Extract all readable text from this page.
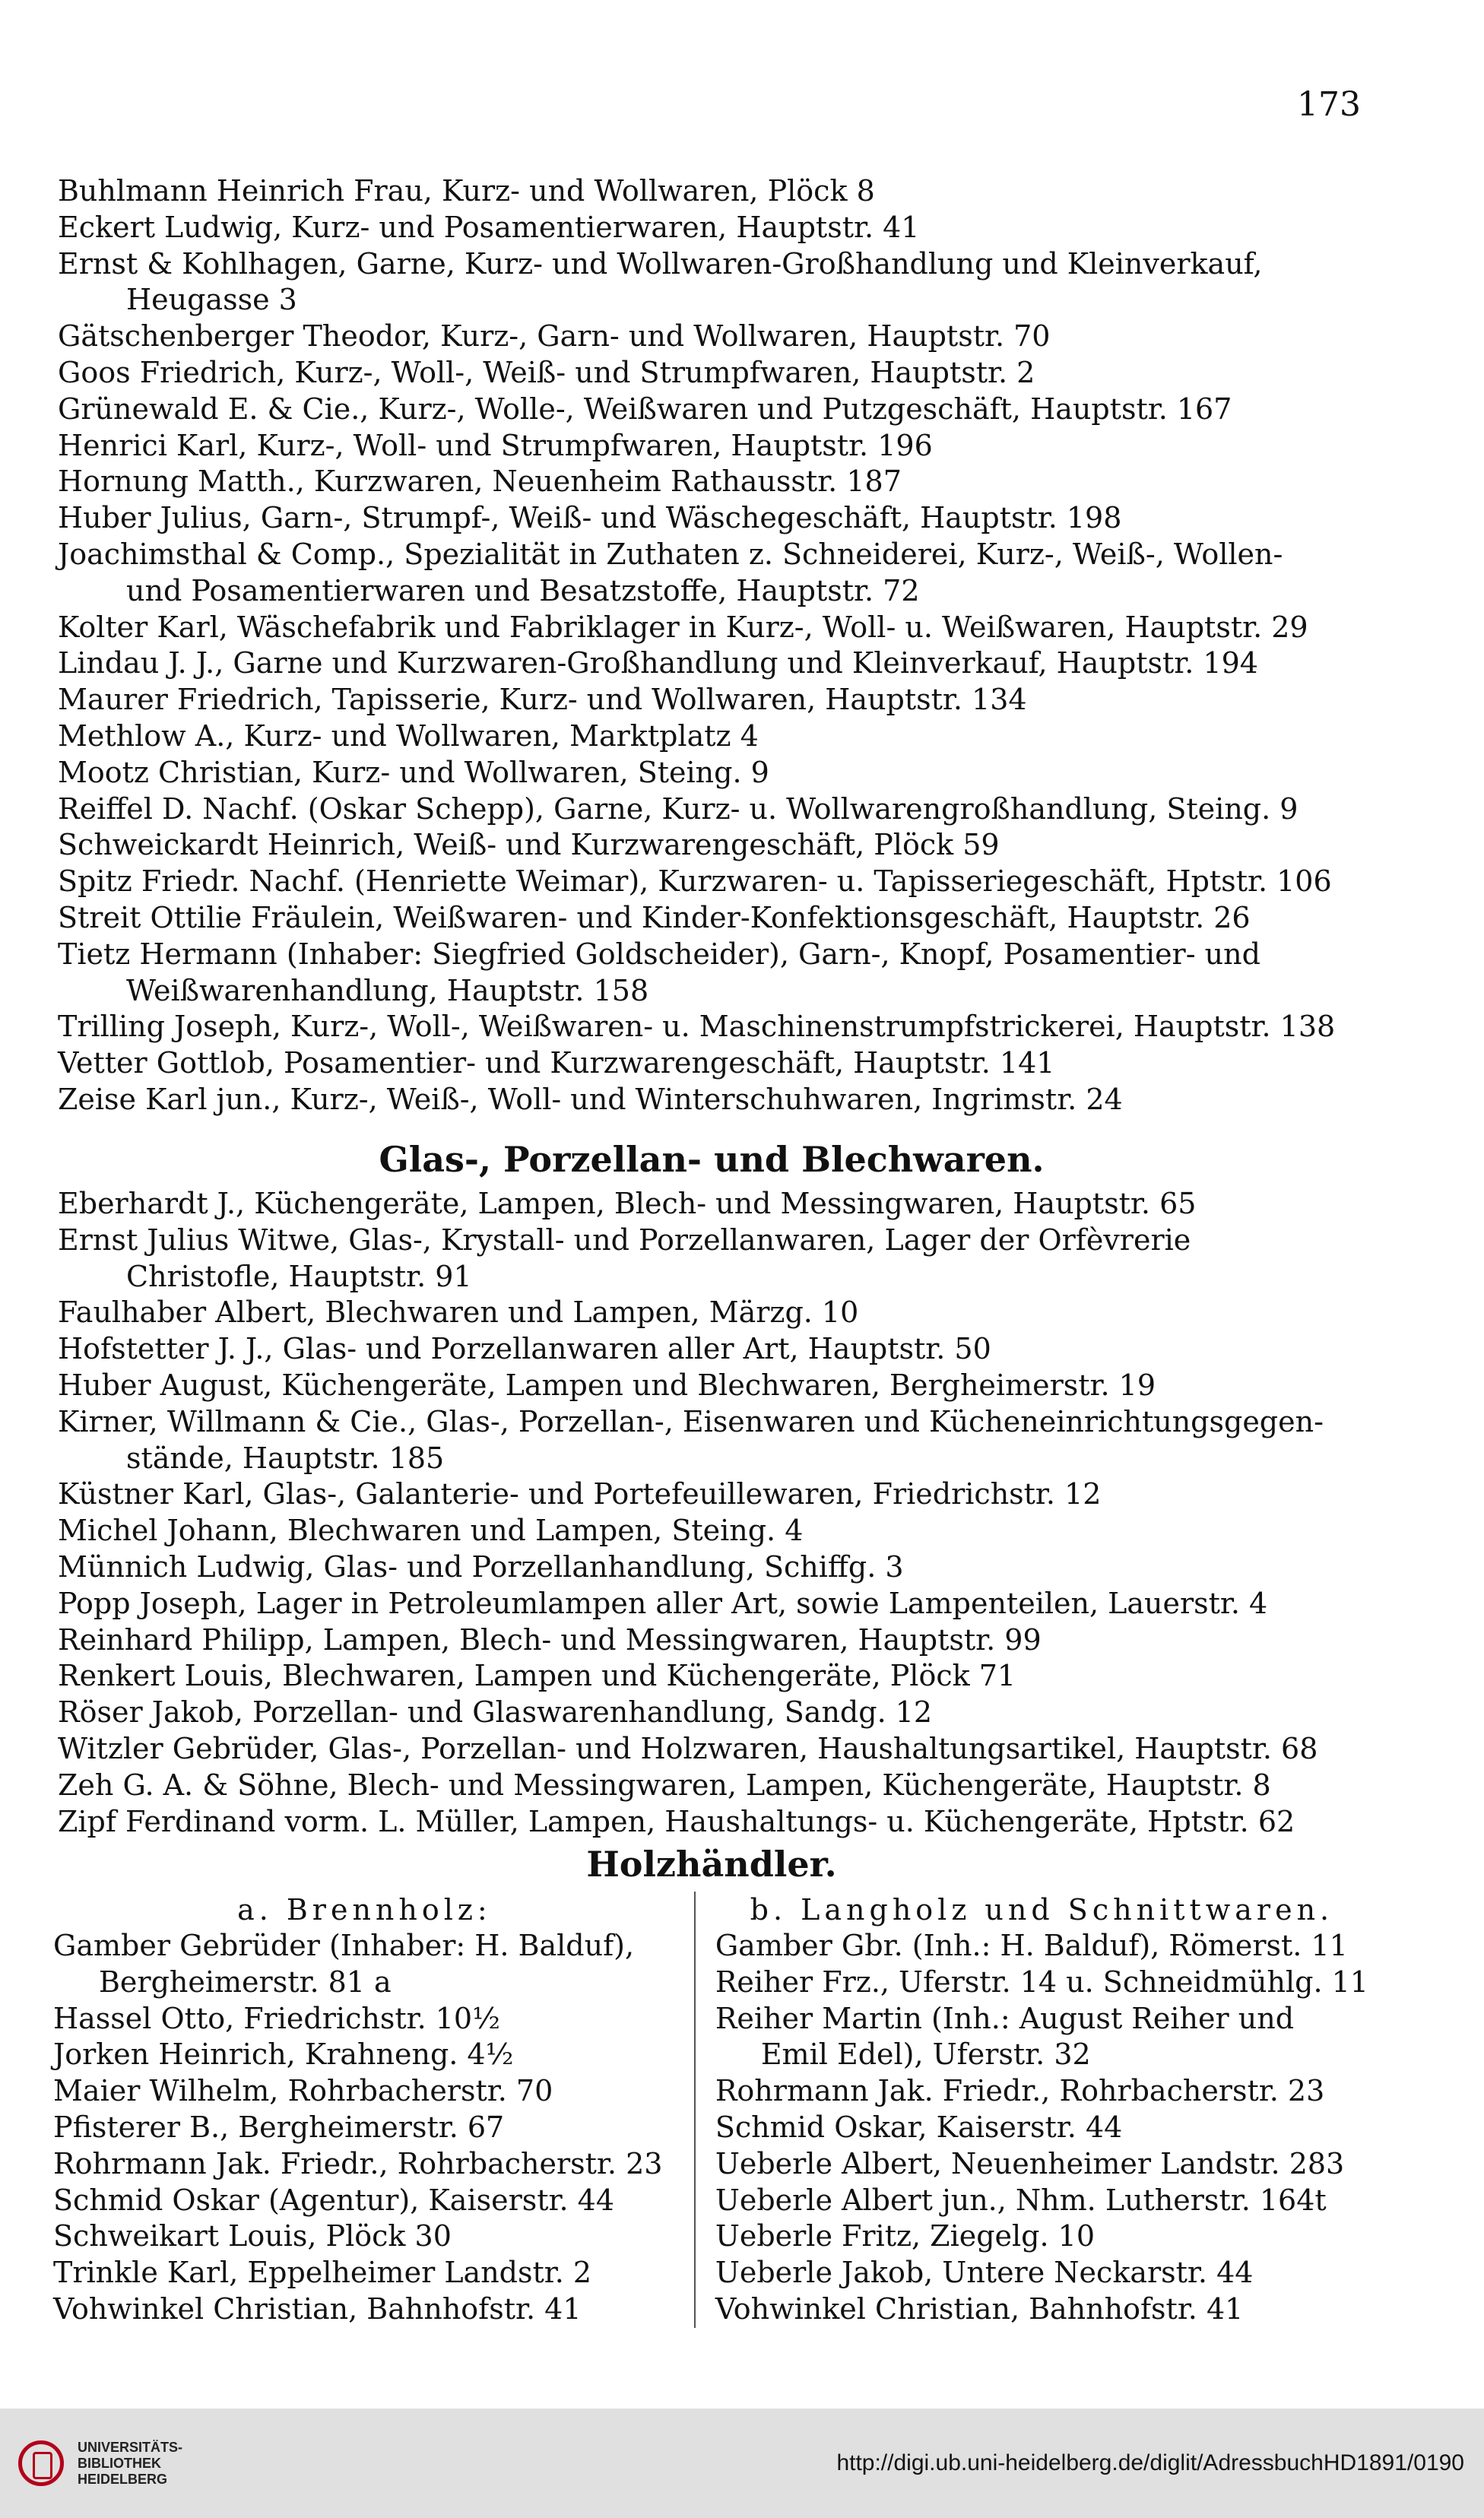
173

Buhlmann Heinrich Frau, Kurz- und Wollwaren, Plöck 8

Eckert Ludwig, Kurz- und Posamentierwaren, Hauptstr. 41

Ernst & Kohlhagen, Garne, Kurz- und Wollwaren-Großhandlung und Kleinverkauf,
Heugasse 3

Gätschenberger Theodor, Kurz-, Garn- und Wollwaren, Hauptstr. 70

Goos Friedrich, Kurz-, Woll-, Weiß- und Strumpfwaren, Hauptstr. 2

Grünewald E. & Cie., Kurz-, Wolle-, Weißwaren und Putzgeschäft, Hauptstr. 167

Henrici Karl, Kurz-, Woll- und Strumpfwaren, Hauptstr. 196

Hornung Matth., Kurzwaren, Neuenheim Rathausstr. 187

Huber Julius, Garn-, Strumpf-, Weiß- und Wäschegeschäft, Hauptstr. 198

Joachimsthal & Comp., Spezialität in Zuthaten z. Schneiderei, Kurz-, Weiß-, Wollen-
und Posamentierwaren und Besatzstoffe, Hauptstr. 72

Kolter Karl, Wäschefabrik und Fabriklager in Kurz-, Woll- u. Weißwaren, Hauptstr. 29

Lindau J. J., Garne und Kurzwaren-Großhandlung und Kleinverkauf, Hauptstr. 194

Maurer Friedrich, Tapisserie, Kurz- und Wollwaren, Hauptstr. 134

Methlow A., Kurz- und Wollwaren, Marktplatz 4

Mootz Christian, Kurz- und Wollwaren, Steing. 9

Reiffel D. Nachf. (Oskar Schepp), Garne, Kurz- u. Wollwarengroßhandlung, Steing. 9

Schweickardt Heinrich, Weiß- und Kurzwarengeschäft, Plöck 59

Spitz Friedr. Nachf. (Henriette Weimar), Kurzwaren- u. Tapisseriegeschäft, Hptstr. 106

Streit Ottilie Fräulein, Weißwaren- und Kinder-Konfektionsgeschäft, Hauptstr. 26

Tietz Hermann (Inhaber: Siegfried Goldscheider), Garn-, Knopf, Posamentier- und
Weißwarenhandlung, Hauptstr. 158

Trilling Joseph, Kurz-, Woll-, Weißwaren- u. Maschinenstrumpfstrickerei, Hauptstr. 138

Vetter Gottlob, Posamentier- und Kurzwarengeschäft, Hauptstr. 141

Zeise Karl jun., Kurz-, Weiß-, Woll- und Winterschuhwaren, Ingrimstr. 24

Glas-, Porzellan- und Blechwaren.

Eberhardt J., Küchengeräte, Lampen, Blech- und Messingwaren, Hauptstr. 65

Ernst Julius Witwe, Glas-, Krystall- und Porzellanwaren, Lager der Orfèvrerie
Christofle, Hauptstr. 91

Faulhaber Albert, Blechwaren und Lampen, Märzg. 10

Hofstetter J. J., Glas- und Porzellanwaren aller Art, Hauptstr. 50

Huber August, Küchengeräte, Lampen und Blechwaren, Bergheimerstr. 19

Kirner, Willmann & Cie., Glas-, Porzellan-, Eisenwaren und Kücheneinrichtungsgegen-
stände, Hauptstr. 185

Küstner Karl, Glas-, Galanterie- und Portefeuillewaren, Friedrichstr. 12

Michel Johann, Blechwaren und Lampen, Steing. 4

Münnich Ludwig, Glas- und Porzellanhandlung, Schiffg. 3

Popp Joseph, Lager in Petroleumlampen aller Art, sowie Lampenteilen, Lauerstr. 4

Reinhard Philipp, Lampen, Blech- und Messingwaren, Hauptstr. 99

Renkert Louis, Blechwaren, Lampen und Küchengeräte, Plöck 71

Röser Jakob, Porzellan- und Glaswarenhandlung, Sandg. 12

Witzler Gebrüder, Glas-, Porzellan- und Holzwaren, Haushaltungsartikel, Hauptstr. 68

Zeh G. A. & Söhne, Blech- und Messingwaren, Lampen, Küchengeräte, Hauptstr. 8

Zipf Ferdinand vorm. L. Müller, Lampen, Haushaltungs- u. Küchengeräte, Hptstr. 62

Holzhändler.

a. Brennholz:

Gamber Gebrüder (Inhaber: H. Balduf),
Bergheimerstr. 81 a

Hassel Otto, Friedrichstr. 10½

Jorken Heinrich, Krahneng. 4½

Maier Wilhelm, Rohrbacherstr. 70

Pfisterer B., Bergheimerstr. 67

Rohrmann Jak. Friedr., Rohrbacherstr. 23

Schmid Oskar (Agentur), Kaiserstr. 44

Schweikart Louis, Plöck 30

Trinkle Karl, Eppelheimer Landstr. 2

Vohwinkel Christian, Bahnhofstr. 41

b. Langholz und Schnittwaren.

Gamber Gbr. (Inh.: H. Balduf), Römerst. 11

Reiher Frz., Uferstr. 14 u. Schneidmühlg. 11

Reiher Martin (Inh.: August Reiher und
Emil Edel), Uferstr. 32

Rohrmann Jak. Friedr., Rohrbacherstr. 23

Schmid Oskar, Kaiserstr. 44

Ueberle Albert, Neuenheimer Landstr. 283

Ueberle Albert jun., Nhm. Lutherstr. 164t

Ueberle Fritz, Ziegelg. 10

Ueberle Jakob, Untere Neckarstr. 44

Vohwinkel Christian, Bahnhofstr. 41

UNIVERSITÄTS-
BIBLIOTHEK
HEIDELBERG
http://digi.ub.uni-heidelberg.de/diglit/AdressbuchHD1891/0190
